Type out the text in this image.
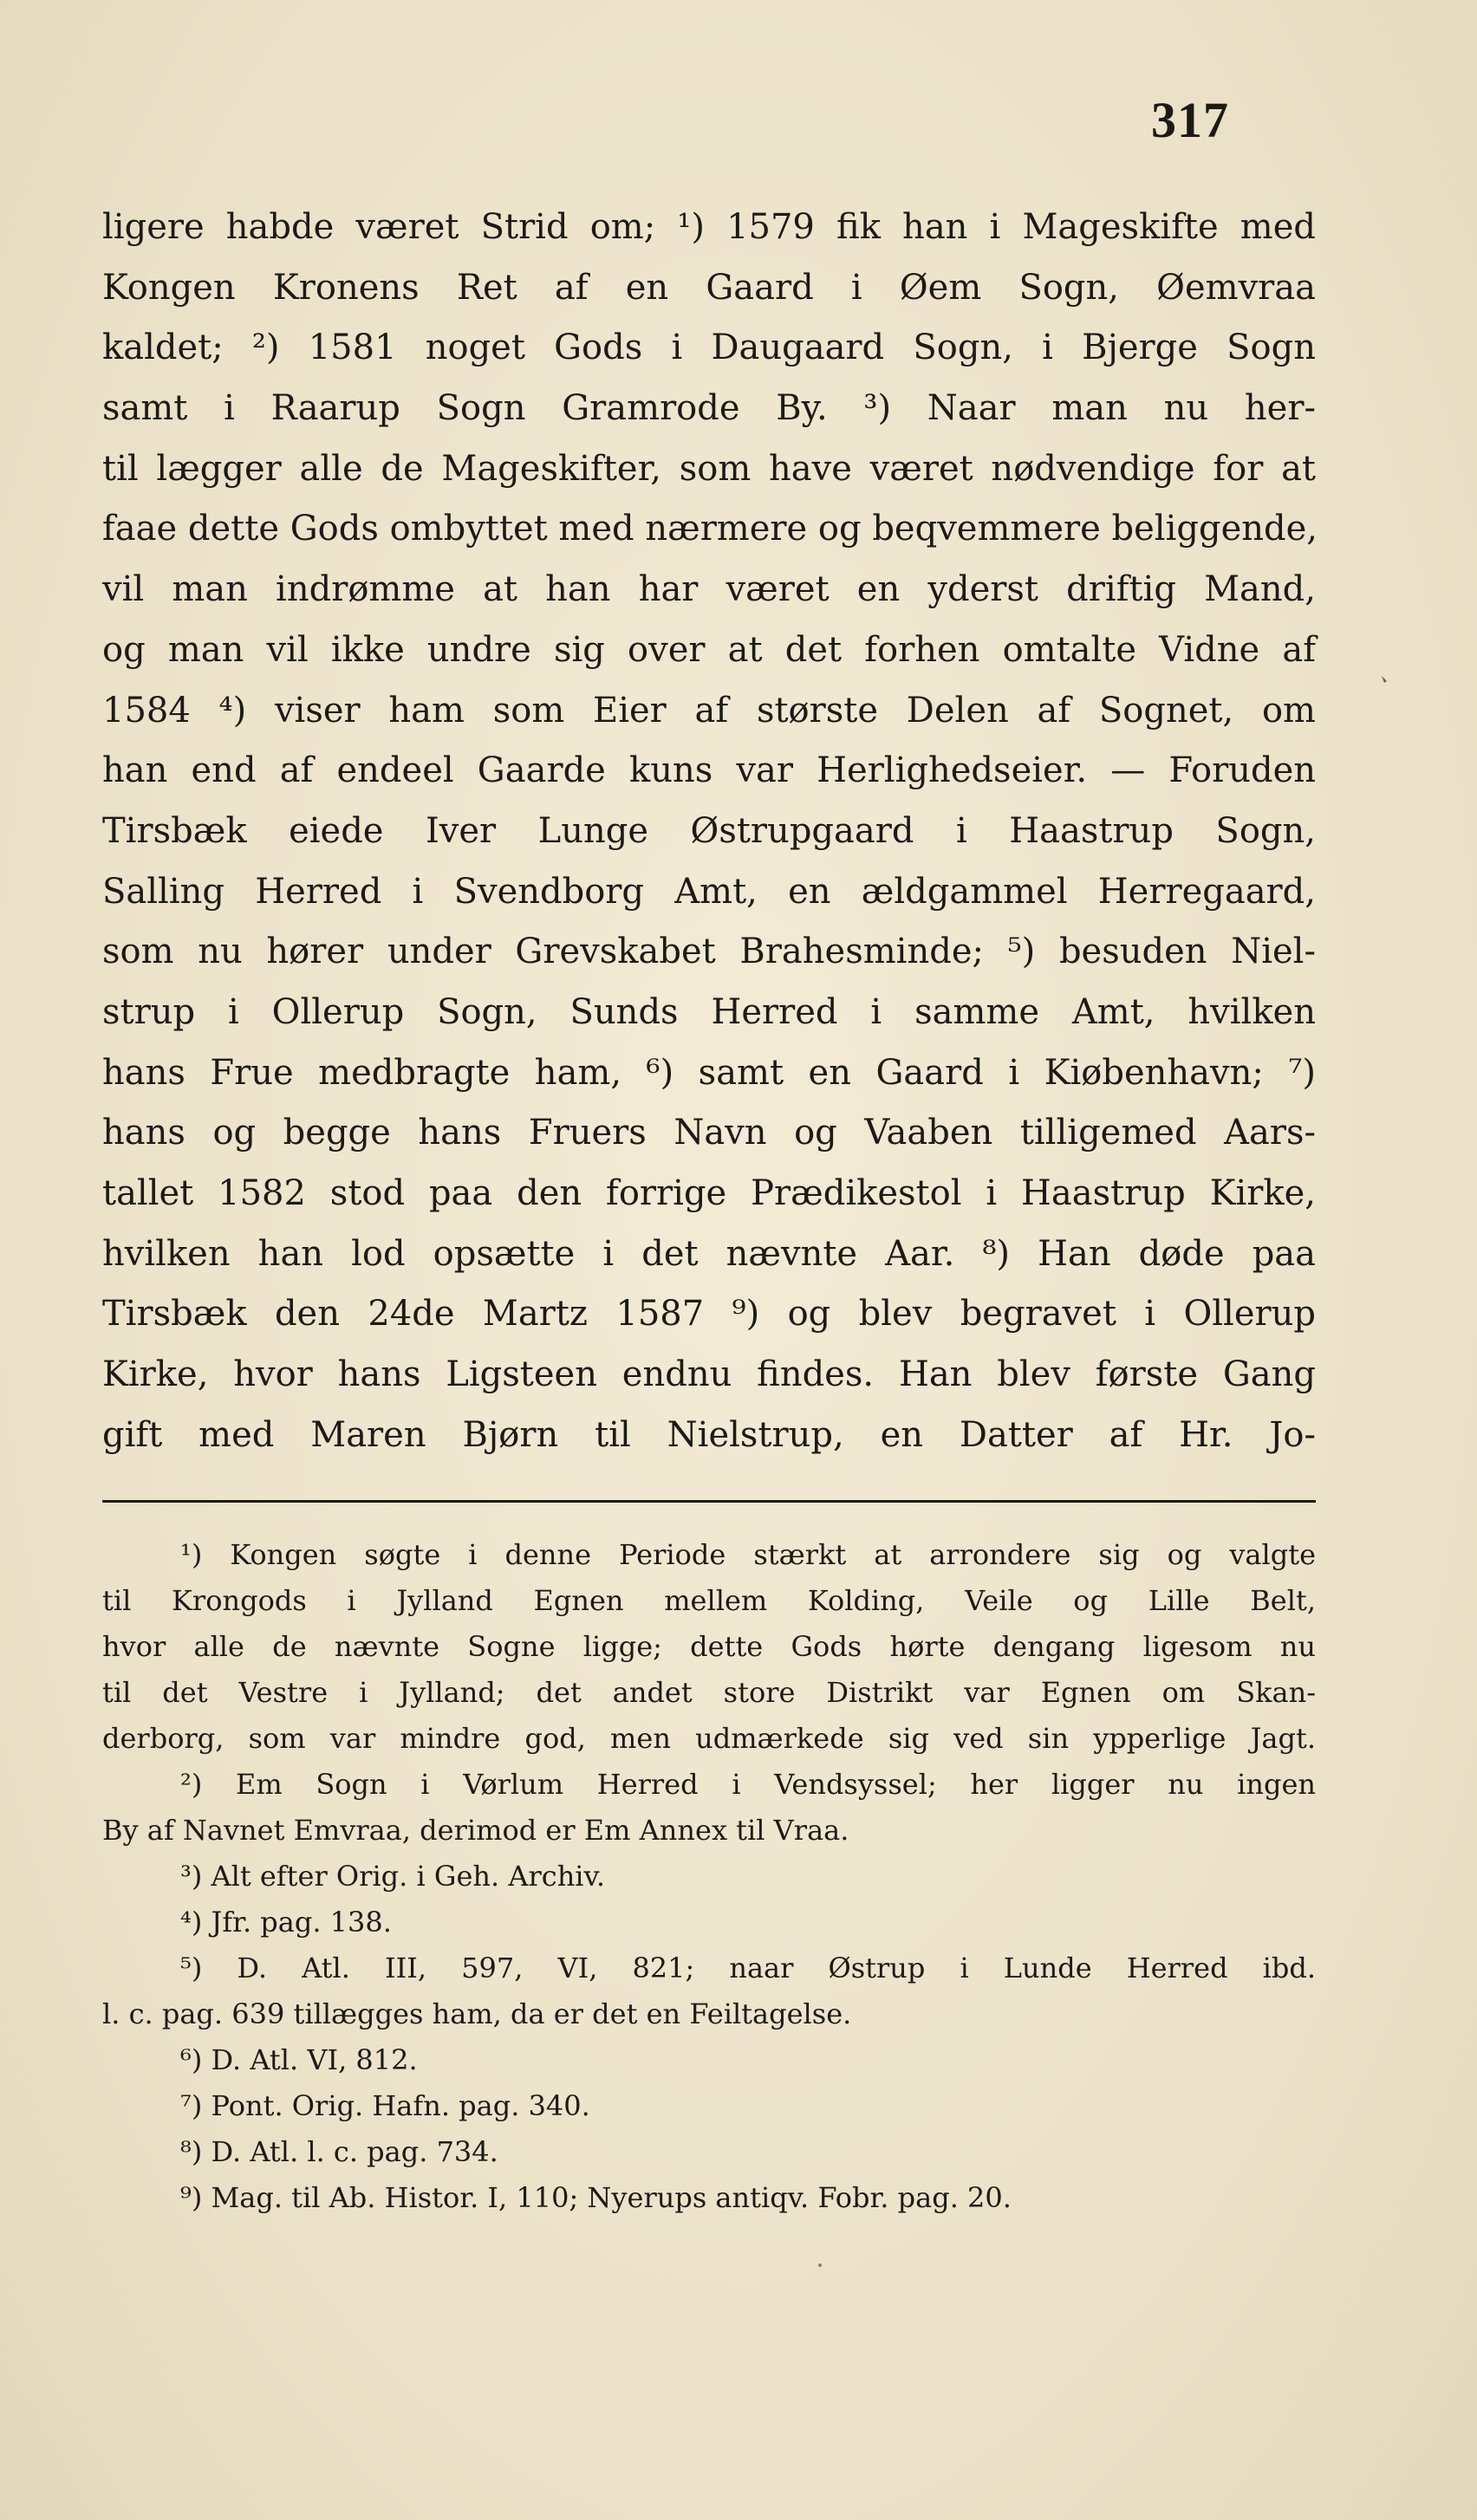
317
ligere habde været Strid om; ¹) 1579 fik han i Mageskifte med
Kongen Kronens Ret af en Gaard i Øem Sogn, Øemvraa
kaldet; ²) 1581 noget Gods i Daugaard Sogn, i Bjerge Sogn
samt i Raarup Sogn Gramrode By. ³) Naar man nu her-
til lægger alle de Mageskifter, som have været nødvendige for at
faae dette Gods ombyttet med nærmere og beqvemmere beliggende,
vil man indrømme at han har været en yderst driftig Mand,
og man vil ikke undre sig over at det forhen omtalte Vidne af
1584 ⁴) viser ham som Eier af største Delen af Sognet, om
han end af endeel Gaarde kuns var Herlighedseier. — Foruden
Tirsbæk eiede Iver Lunge Østrupgaard i Haastrup Sogn,
Salling Herred i Svendborg Amt, en ældgammel Herregaard,
som nu hører under Grevskabet Brahesminde; ⁵) besuden Niel-
strup i Ollerup Sogn, Sunds Herred i samme Amt, hvilken
hans Frue medbragte ham, ⁶) samt en Gaard i Kiøbenhavn; ⁷)
hans og begge hans Fruers Navn og Vaaben tilligemed Aars-
tallet 1582 stod paa den forrige Prædikestol i Haastrup Kirke,
hvilken han lod opsætte i det nævnte Aar. ⁸) Han døde paa
Tirsbæk den 24de Martz 1587 ⁹) og blev begravet i Ollerup
Kirke, hvor hans Ligsteen endnu findes. Han blev første Gang
gift med Maren Bjørn til Nielstrup, en Datter af Hr. Jo-
¹) Kongen søgte i denne Periode stærkt at arrondere sig og valgte
til Krongods i Jylland Egnen mellem Kolding, Veile og Lille Belt,
hvor alle de nævnte Sogne ligge; dette Gods hørte dengang ligesom nu
til det Vestre i Jylland; det andet store Distrikt var Egnen om Skan-
derborg, som var mindre god, men udmærkede sig ved sin ypperlige Jagt.
²) Em Sogn i Vørlum Herred i Vendsyssel; her ligger nu ingen
By af Navnet Emvraa, derimod er Em Annex til Vraa.
³) Alt efter Orig. i Geh. Archiv.
⁴) Jfr. pag. 138.
⁵) D. Atl. III, 597, VI, 821; naar Østrup i Lunde Herred ibd.
l. c. pag. 639 tillægges ham, da er det en Feiltagelse.
⁶) D. Atl. VI, 812.
⁷) Pont. Orig. Hafn. pag. 340.
⁸) D. Atl. l. c. pag. 734.
⁹) Mag. til Ab. Histor. I, 110; Nyerups antiqv. Fobr. pag. 20.
